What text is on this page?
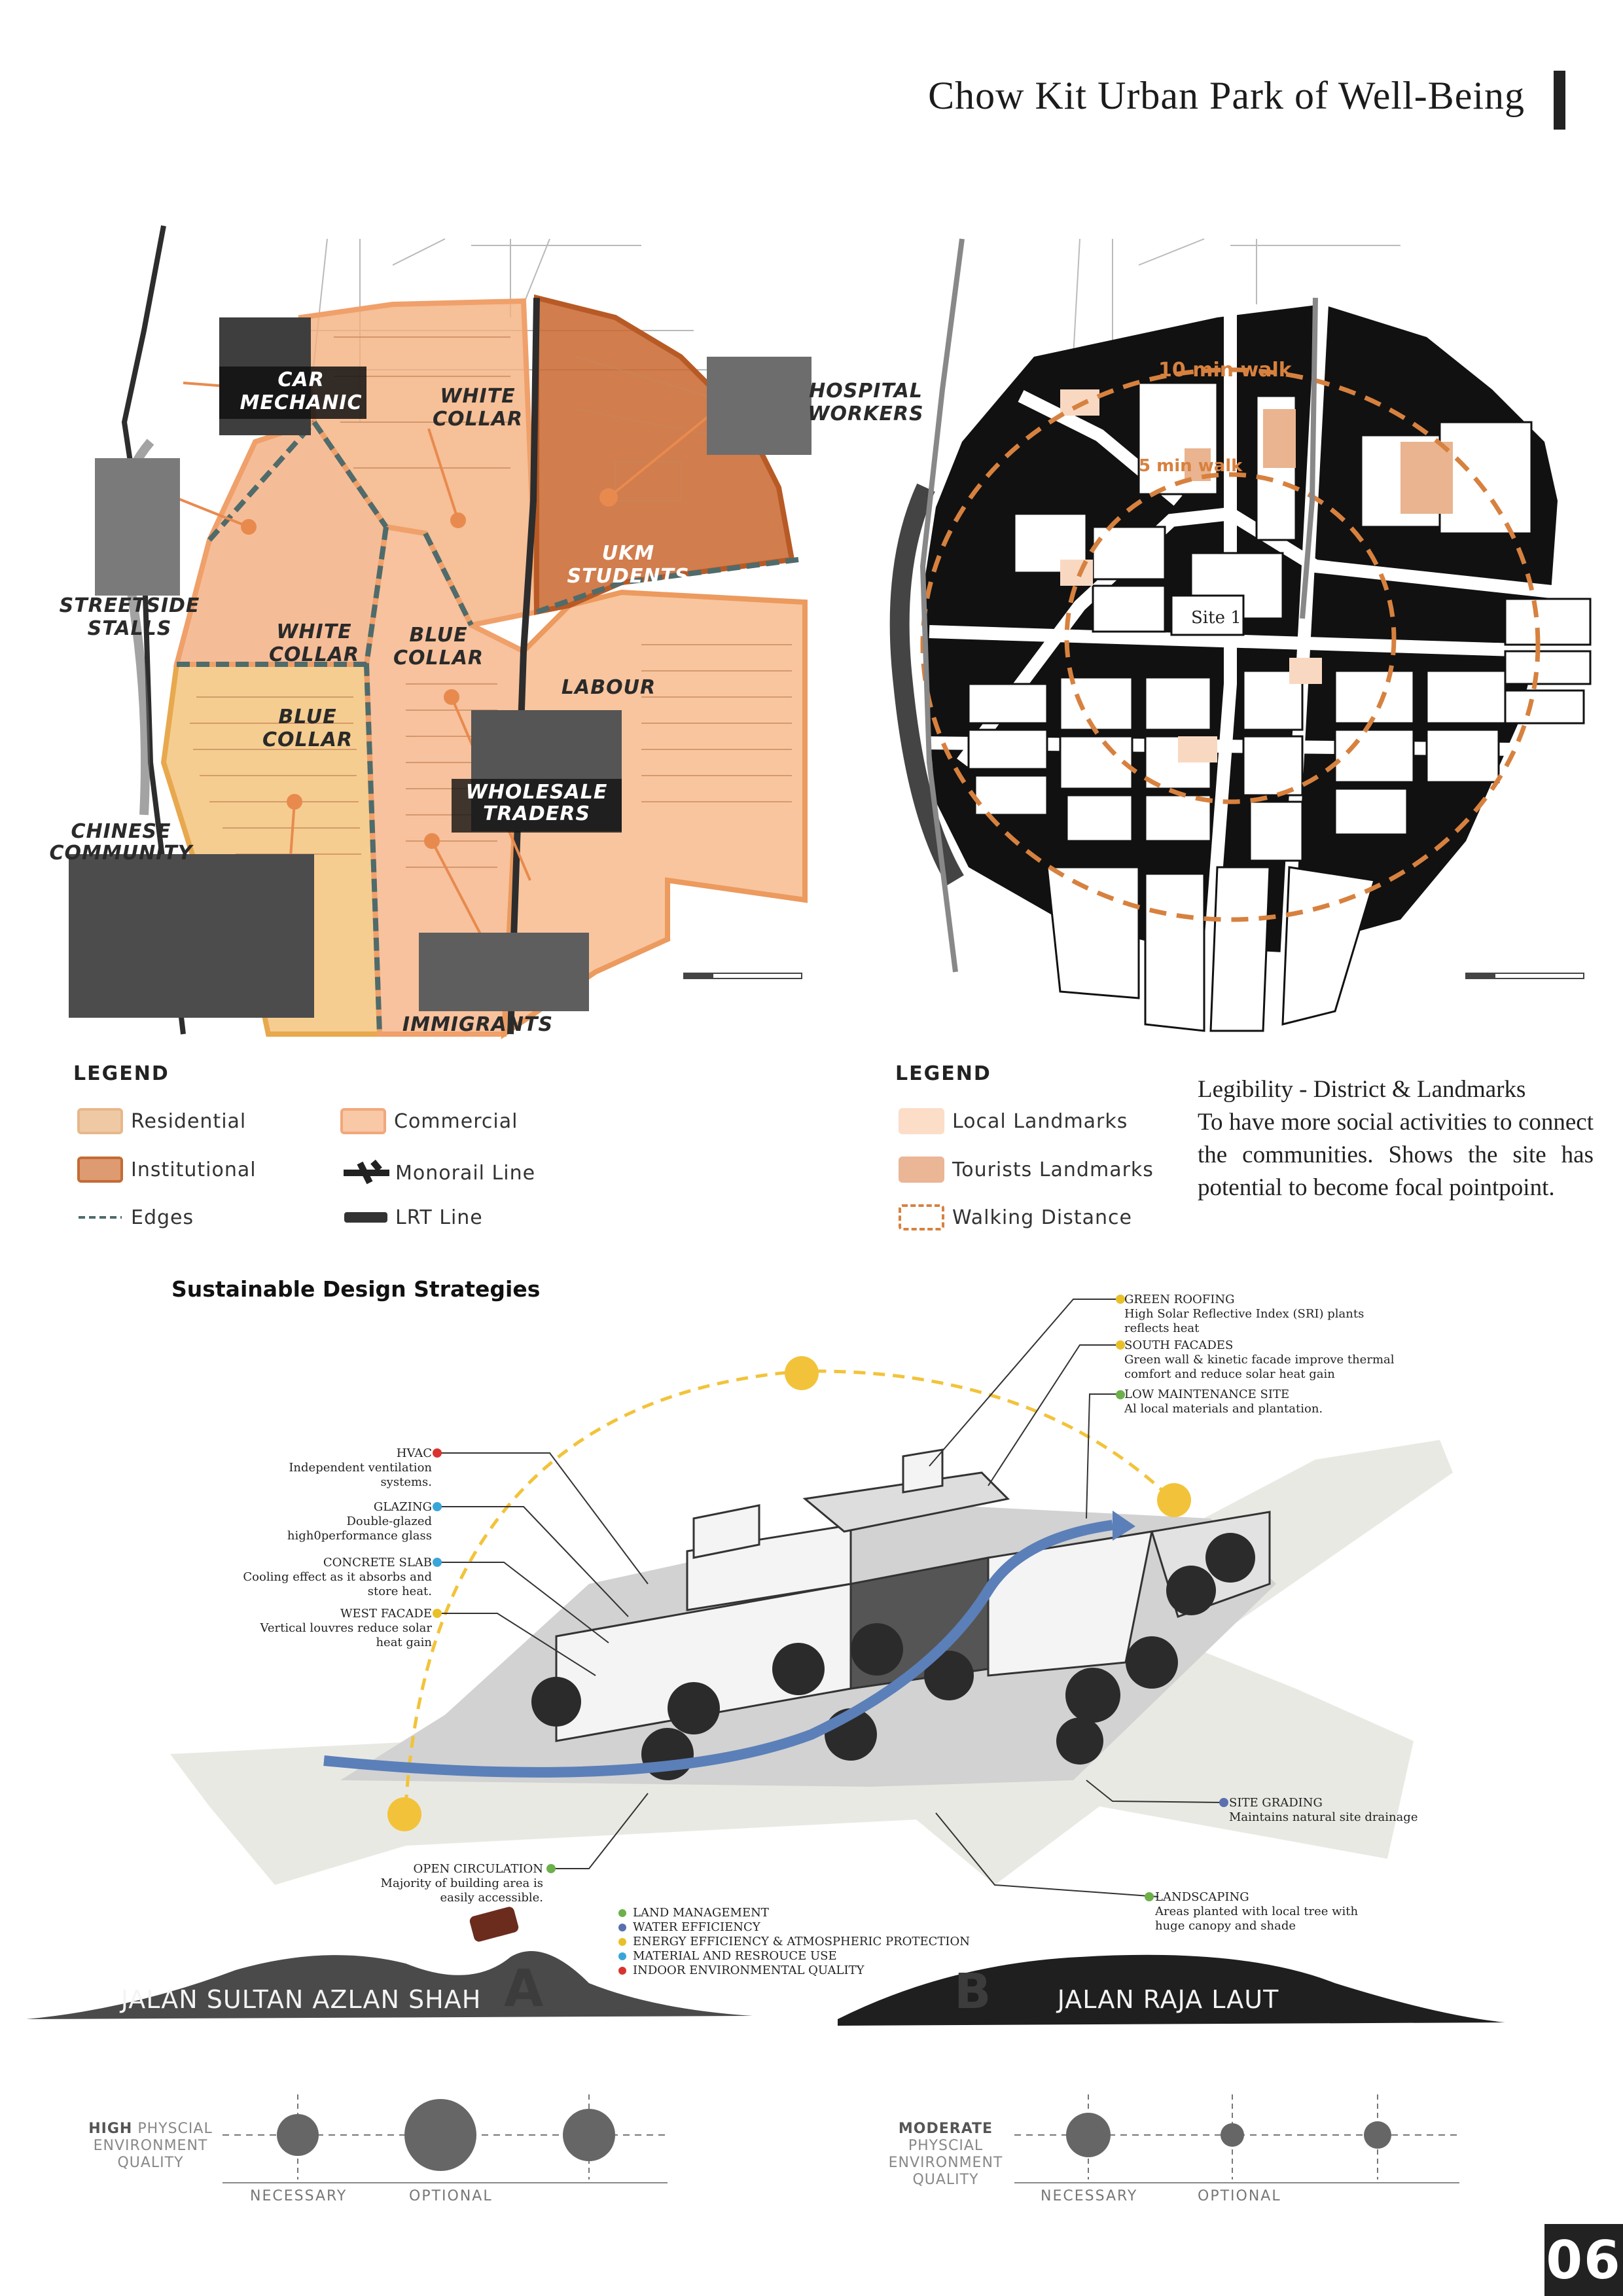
Chow Kit Urban Park of Well-Being
CAR
MECHANIC	WHITE
COLLAR
HOSPITAL
WORKERS
UKM
STUDENTS
STREETSIDE
STALLS	WHITE
COLLAR
BLUE
COLLAR
LABOUR
BLUE
COLLAR
WHOLESALE
TRADERS
CHINESE
COMMUNITY
IMMIGRANTS
Site 1
10 min walk
5 min walk
LEGEND
Residential	Commercial
Institutional	Monorail Line
Edges	LRT Line
LEGEND
Local Landmarks
Tourists Landmarks
Walking Distance
Legibility - District & Landmarks
To have more social activities to connect the communities. Shows the site has potential to become focal pointpoint.
Sustainable Design Strategies
A
JALAN SULTAN AZLAN SHAH	B	JALAN RAJA LAUT
GREEN ROOFING
High Solar Reflective Index (SRI) plants reflects heat
SOUTH FACADES
Green wall & kinetic facade improve thermal comfort and reduce solar heat gain
LOW MAINTENANCE SITE
Al local materials and plantation.
HVAC
Independent ventilation systems.
GLAZING
Double-glazed high0performance glass
CONCRETE SLAB
Cooling effect as it absorbs and store heat.
WEST FACADE
Vertical louvres reduce solar heat gain
SITE GRADING
Maintains natural site drainage
OPEN CIRCULATION
Majority of building area is easily accessible.	LANDSCAPING
Areas planted with local tree with huge canopy and shade
LAND MANAGEMENT
WATER EFFICIENCY
ENERGY EFFICIENCY & ATMOSPHERIC PROTECTION
MATERIAL AND RESROUCE USE
INDOOR ENVIRONMENTAL QUALITY
HIGH PHYSCIAL
ENVIRONMENT
QUALITY
NECESSARY	OPTIONAL
MODERATE
PHYSCIAL
ENVIRONMENT
QUALITY
NECESSARY	OPTIONAL
06
